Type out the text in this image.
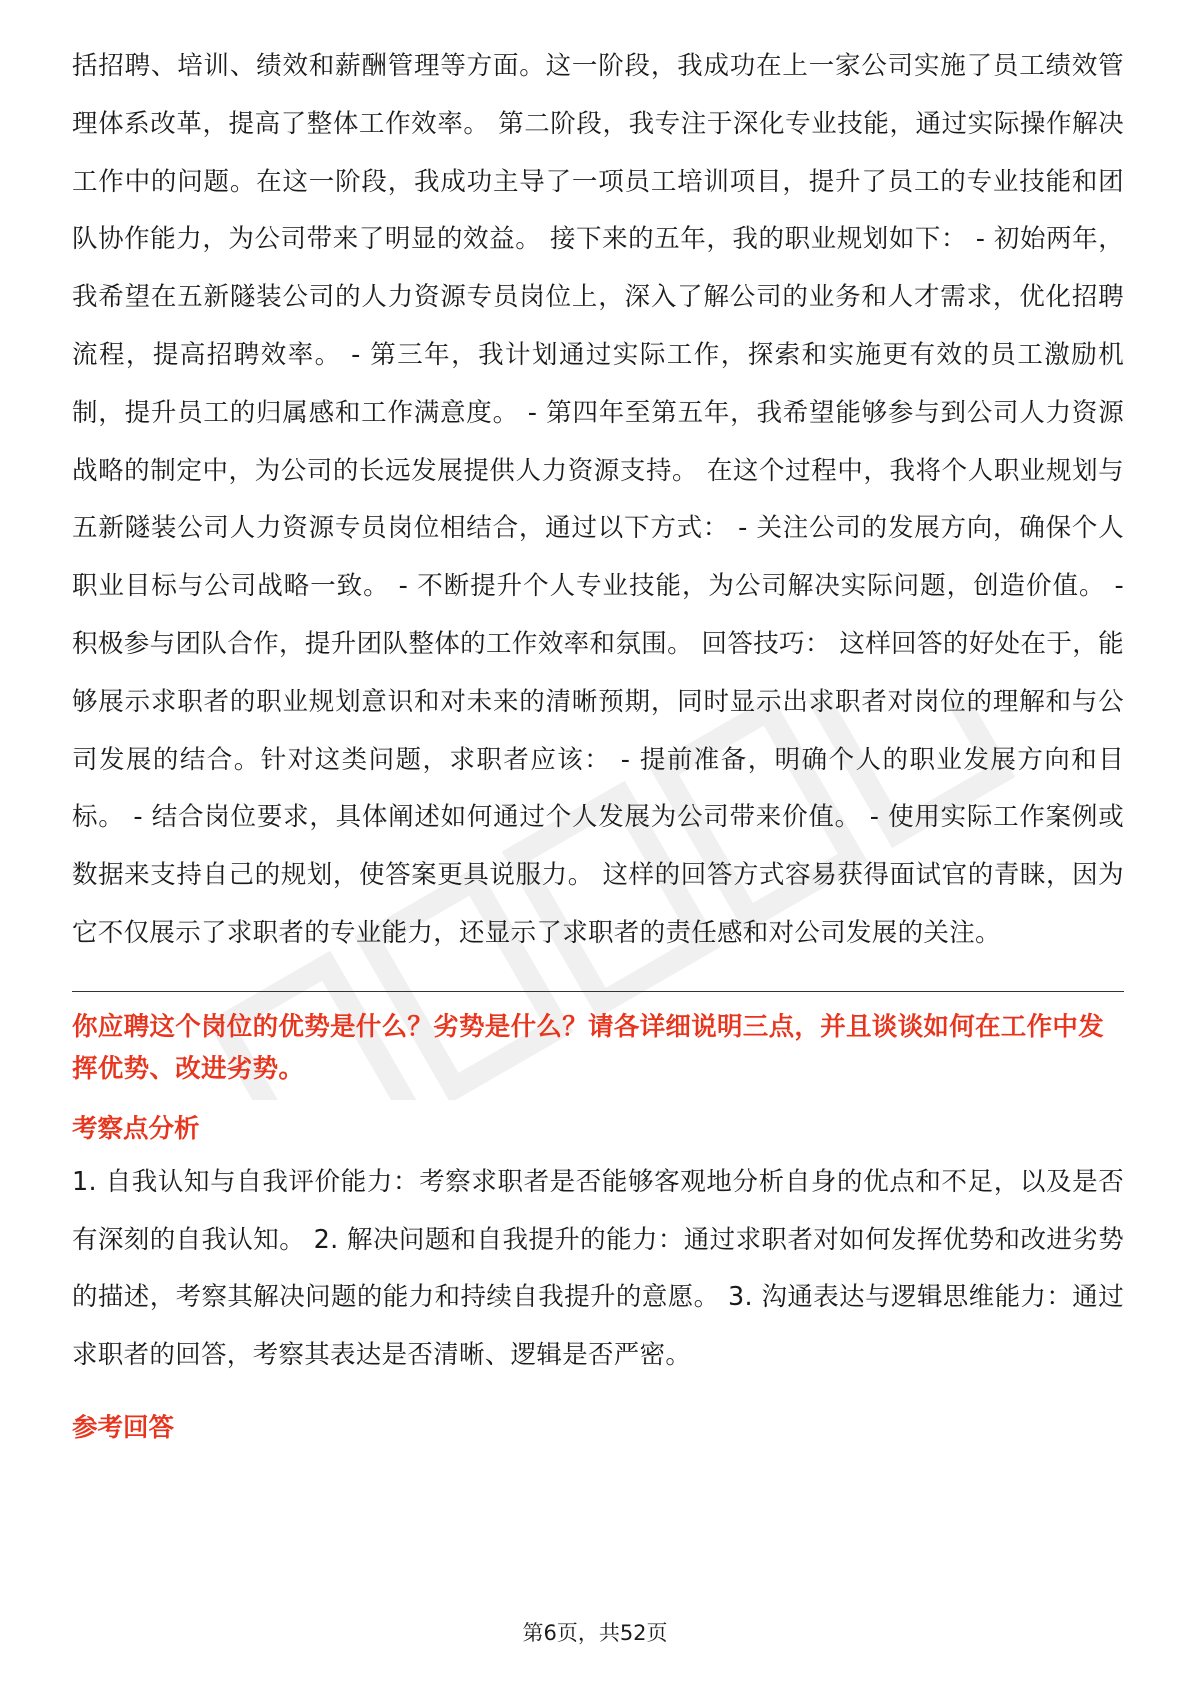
括招聘、培训、绩效和薪酬管理等方面。这一阶段，我成功在上一家公司实施了员工绩效管理体系改革，提高了整体工作效率。 第二阶段，我专注于深化专业技能，通过实际操作解决工作中的问题。在这一阶段，我成功主导了一项员工培训项目，提升了员工的专业技能和团队协作能力，为公司带来了明显的效益。 接下来的五年，我的职业规划如下： - 初始两年，我希望在五新隧装公司的人力资源专员岗位上，深入了解公司的业务和人才需求，优化招聘流程，提高招聘效率。 - 第三年，我计划通过实际工作，探索和实施更有效的员工激励机制，提升员工的归属感和工作满意度。 - 第四年至第五年，我希望能够参与到公司人力资源战略的制定中，为公司的长远发展提供人力资源支持。 在这个过程中，我将个人职业规划与五新隧装公司人力资源专员岗位相结合，通过以下方式： - 关注公司的发展方向，确保个人职业目标与公司战略一致。 - 不断提升个人专业技能，为公司解决实际问题，创造价值。 - 积极参与团队合作，提升团队整体的工作效率和氛围。 回答技巧： 这样回答的好处在于，能够展示求职者的职业规划意识和对未来的清晰预期，同时显示出求职者对岗位的理解和与公司发展的结合。针对这类问题，求职者应该： - 提前准备，明确个人的职业发展方向和目标。 - 结合岗位要求，具体阐述如何通过个人发展为公司带来价值。 - 使用实际工作案例或数据来支持自己的规划，使答案更具说服力。 这样的回答方式容易获得面试官的青睐，因为它不仅展示了求职者的专业能力，还显示了求职者的责任感和对公司发展的关注。

你应聘这个岗位的优势是什么？劣势是什么？请各详细说明三点，并且谈谈如何在工作中发挥优势、改进劣势。

考察点分析

1. 自我认知与自我评价能力：考察求职者是否能够客观地分析自身的优点和不足，以及是否有深刻的自我认知。 2. 解决问题和自我提升的能力：通过求职者对如何发挥优势和改进劣势的描述，考察其解决问题的能力和持续自我提升的意愿。 3. 沟通表达与逻辑思维能力：通过求职者的回答，考察其表达是否清晰、逻辑是否严密。

参考回答

第6页，共52页
